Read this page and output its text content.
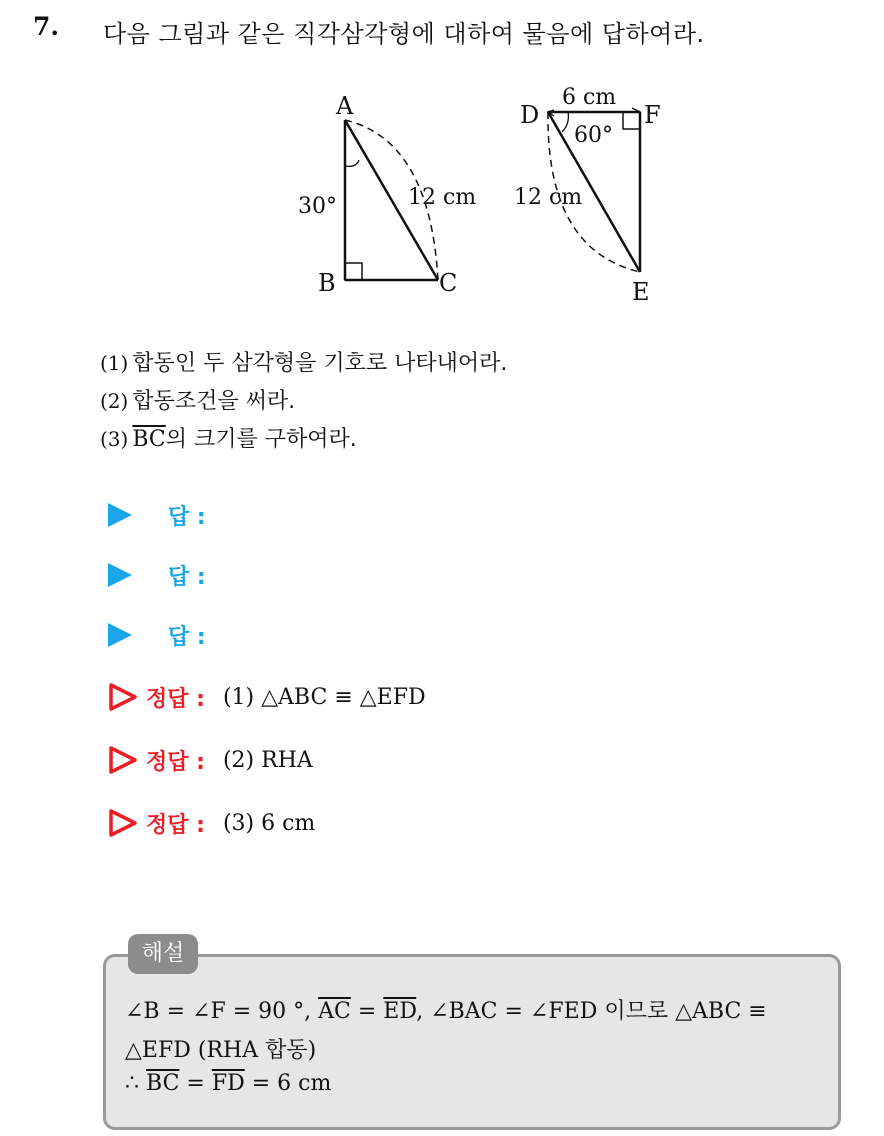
7. 다음 그림과 같은 직각삼각형에 대하여 물음에 답하여라.
A
B	C
30°	12 cm
D	F
E
6 cm
60°
12 cm
(1) 합동인 두 삼각형을 기호로 나타내어라.
(2) 합동조건을 써라.
(3) $\overline{BC}$의 크기를 구하여라.
답 :
답 :
답 :
정답 : (1) △ABC ≡ △EFD
정답 : (2) RHA
정답 : (3) 6 cm
해설
∠B = ∠F = 90 °, $\overline{AC} = \overline{ED}$, ∠BAC = ∠FED 이므로 △ABC ≡
△EFD (RHA 합동)
∴ $\overline{BC} = \overline{FD} = 6$ cm
